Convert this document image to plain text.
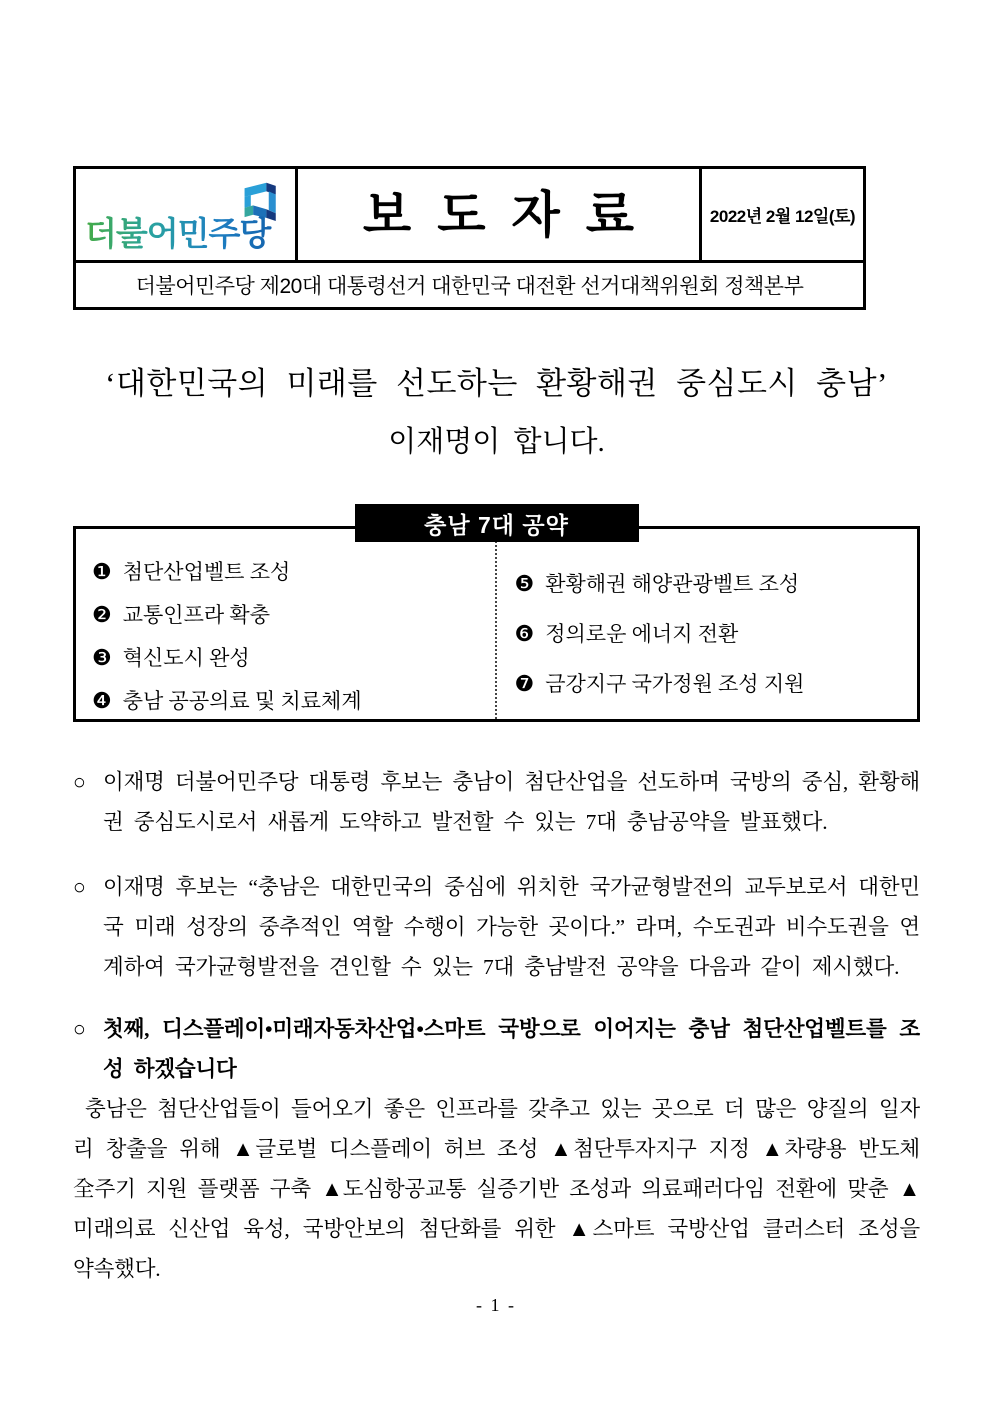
더불어민주당 보도자료	2022년 2월 12일(토)
더불어민주당 제20대 대통령선거 대한민국 대전환 선거대책위원회 정책본부
‘대한민국의 미래를 선도하는 환황해권 중심도시 충남’
이재명이 합니다.
충남 7대 공약
❶ 첨단산업벨트 조성
❷ 교통인프라 확충
❸ 혁신도시 완성
❹ 충남 공공의료 및 치료체계
❺ 환황해권 해양관광벨트 조성
❻ 정의로운 에너지 전환
❼ 금강지구 국가정원 조성 지원
○ 이재명 더불어민주당 대통령 후보는 충남이 첨단산업을 선도하며 국방의 중심, 환황해권 중심도시로서 새롭게 도약하고 발전할 수 있는 7대 충남공약을 발표했다.
○ 이재명 후보는 “충남은 대한민국의 중심에 위치한 국가균형발전의 교두보로서 대한민국 미래 성장의 중추적인 역할 수행이 가능한 곳이다.” 라며, 수도권과 비수도권을 연계하여 국가균형발전을 견인할 수 있는 7대 충남발전 공약을 다음과 같이 제시했다.
○ 첫째, 디스플레이•미래자동차산업•스마트 국방으로 이어지는 충남 첨단산업벨트를 조성 하겠습니다
충남은 첨단산업들이 들어오기 좋은 인프라를 갖추고 있는 곳으로 더 많은 양질의 일자리 창출을 위해 ▲글로벌 디스플레이 허브 조성 ▲첨단투자지구 지정 ▲차량용 반도체 全주기 지원 플랫폼 구축 ▲도심항공교통 실증기반 조성과 의료패러다임 전환에 맞춘 ▲미래의료 신산업 육성, 국방안보의 첨단화를 위한 ▲스마트 국방산업 클러스터 조성을 약속했다.
- 1 -
